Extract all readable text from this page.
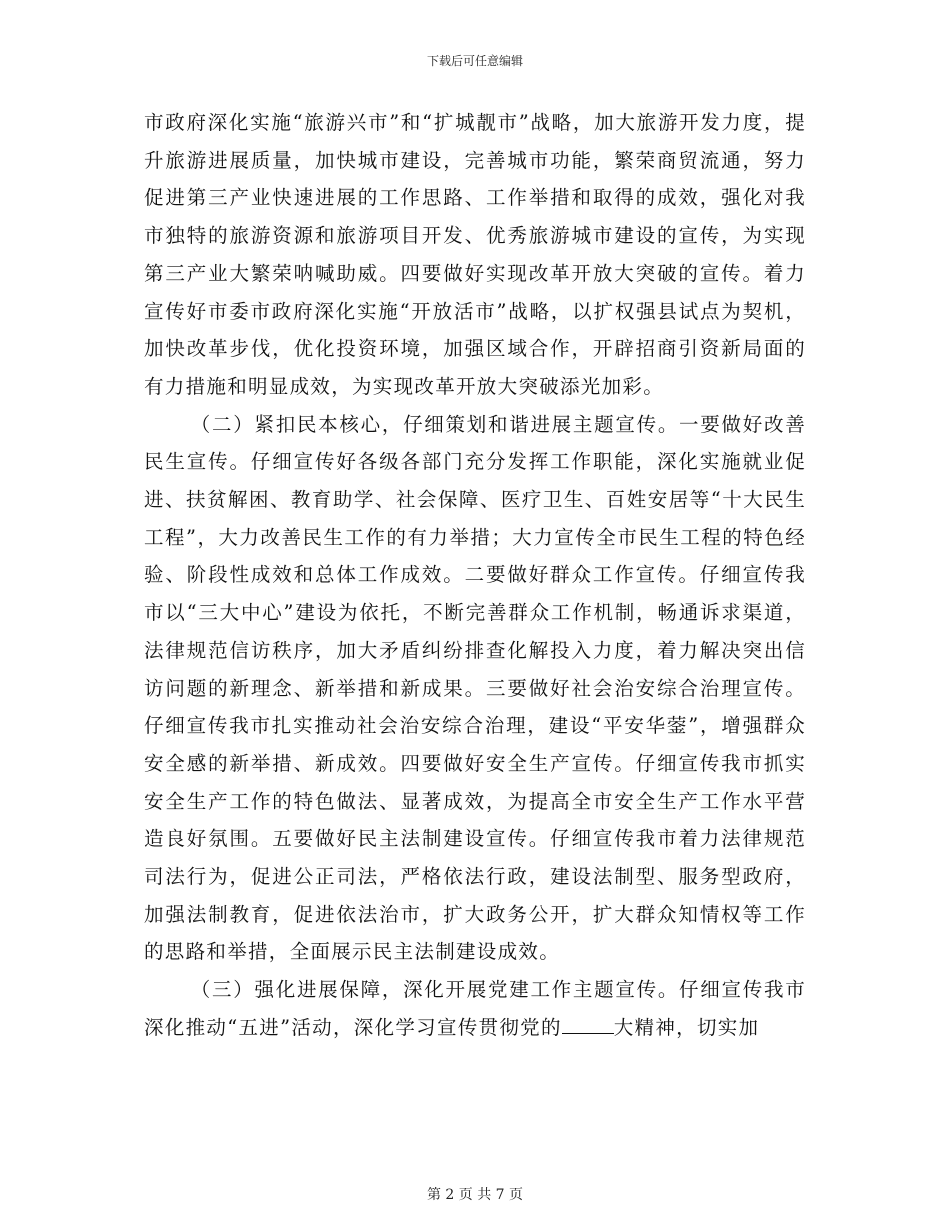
下载后可任意编辑

市政府深化实施“旅游兴市”和“扩城靓市”战略，加大旅游开发力度，提升旅游进展质量，加快城市建设，完善城市功能，繁荣商贸流通，努力促进第三产业快速进展的工作思路、工作举措和取得的成效，强化对我市独特的旅游资源和旅游项目开发、优秀旅游城市建设的宣传，为实现第三产业大繁荣呐喊助威。四要做好实现改革开放大突破的宣传。着力宣传好市委市政府深化实施“开放活市”战略，以扩权强县试点为契机，加快改革步伐，优化投资环境，加强区域合作，开辟招商引资新局面的有力措施和明显成效，为实现改革开放大突破添光加彩。

（二）紧扣民本核心，仔细策划和谐进展主题宣传。一要做好改善民生宣传。仔细宣传好各级各部门充分发挥工作职能，深化实施就业促进、扶贫解困、教育助学、社会保障、医疗卫生、百姓安居等“十大民生工程”，大力改善民生工作的有力举措；大力宣传全市民生工程的特色经验、阶段性成效和总体工作成效。二要做好群众工作宣传。仔细宣传我市以“三大中心”建设为依托，不断完善群众工作机制，畅通诉求渠道，法律规范信访秩序，加大矛盾纠纷排查化解投入力度，着力解决突出信访问题的新理念、新举措和新成果。三要做好社会治安综合治理宣传。仔细宣传我市扎实推动社会治安综合治理，建设“平安华蓥”，增强群众安全感的新举措、新成效。四要做好安全生产宣传。仔细宣传我市抓实安全生产工作的特色做法、显著成效，为提高全市安全生产工作水平营造良好氛围。五要做好民主法制建设宣传。仔细宣传我市着力法律规范司法行为，促进公正司法，严格依法行政，建设法制型、服务型政府，加强法制教育，促进依法治市，扩大政务公开，扩大群众知情权等工作的思路和举措，全面展示民主法制建设成效。

（三）强化进展保障，深化开展党建工作主题宣传。仔细宣传我市深化推动“五进”活动，深化学习宣传贯彻党的	大精神，切实加

第 2 页 共 7 页
